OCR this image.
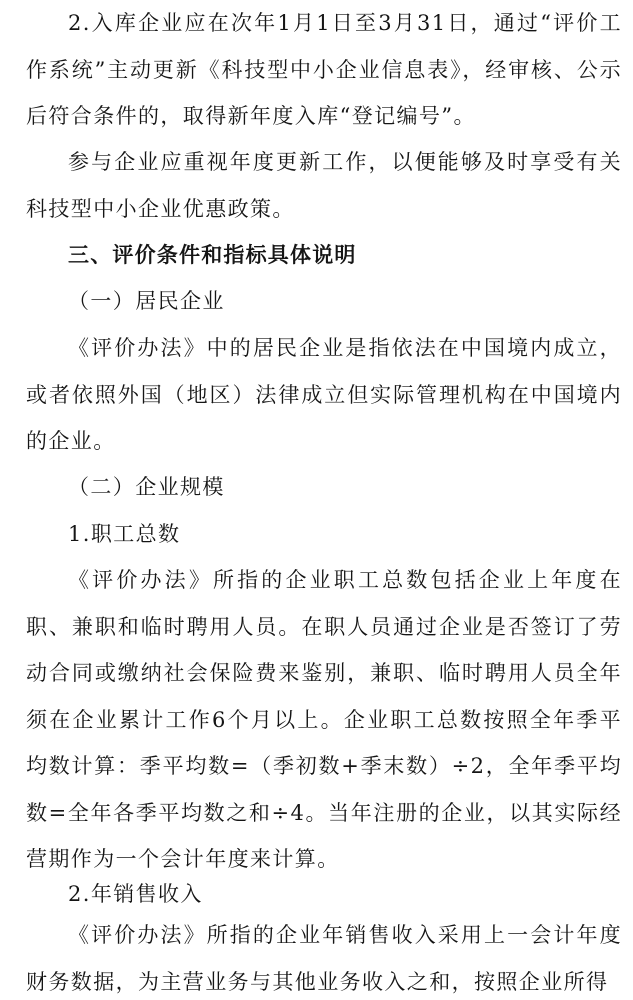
2.入库企业应在次年1月1日至3月31日，通过“评价工作系统”主动更新《科技型中小企业信息表》，经审核、公示后符合条件的，取得新年度入库“登记编号”。

参与企业应重视年度更新工作，以便能够及时享受有关科技型中小企业优惠政策。

三、评价条件和指标具体说明

（一）居民企业

《评价办法》中的居民企业是指依法在中国境内成立，或者依照外国（地区）法律成立但实际管理机构在中国境内的企业。

（二）企业规模

1.职工总数

《评价办法》所指的企业职工总数包括企业上年度在职、兼职和临时聘用人员。在职人员通过企业是否签订了劳动合同或缴纳社会保险费来鉴别，兼职、临时聘用人员全年须在企业累计工作6个月以上。企业职工总数按照全年季平均数计算：季平均数=（季初数+季末数）÷2，全年季平均数=全年各季平均数之和÷4。当年注册的企业，以其实际经营期作为一个会计年度来计算。

2.年销售收入

《评价办法》所指的企业年销售收入采用上一会计年度财务数据，为主营业务与其他业务收入之和，按照企业所得
